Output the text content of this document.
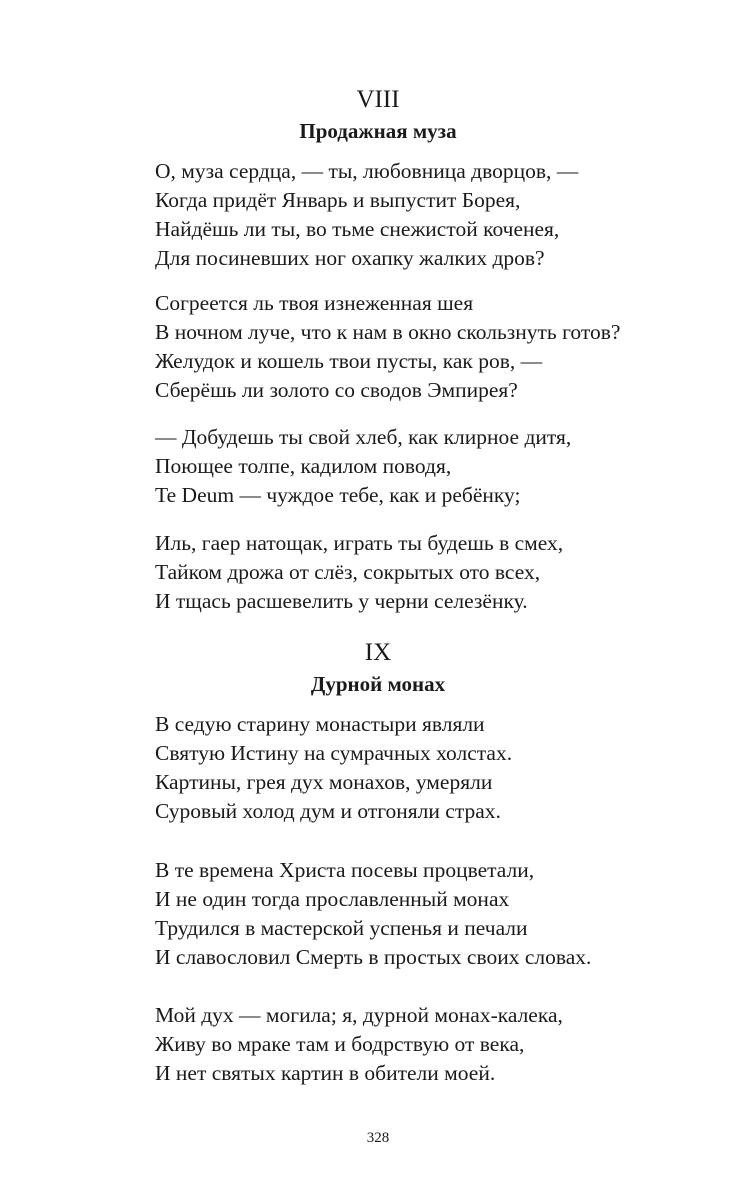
VIII
Продажная муза
О, муза сердца, — ты, любовница дворцов, —
Когда придёт Январь и выпустит Борея,
Найдёшь ли ты, во тьме снежистой коченея,
Для посиневших ног охапку жалких дров?
Согреется ль твоя изнеженная шея
В ночном луче, что к нам в окно скользнуть готов?
Желудок и кошель твои пусты, как ров, —
Сберёшь ли золото со сводов Эмпирея?
— Добудешь ты свой хлеб, как клирное дитя,
Поющее толпе, кадилом поводя,
Te Deum — чуждое тебе, как и ребёнку;
Иль, гаер натощак, играть ты будешь в смех,
Тайком дрожа от слёз, сокрытых ото всех,
И тщась расшевелить у черни селезёнку.
IX
Дурной монах
В седую старину монастыри являли
Святую Истину на сумрачных холстах.
Картины, грея дух монахов, умеряли
Суровый холод дум и отгоняли страх.
В те времена Христа посевы процветали,
И не один тогда прославленный монах
Трудился в мастерской успенья и печали
И славословил Смерть в простых своих словах.
Мой дух — могила; я, дурной монах-калека,
Живу во мраке там и бодрствую от века,
И нет святых картин в обители моей.
328
